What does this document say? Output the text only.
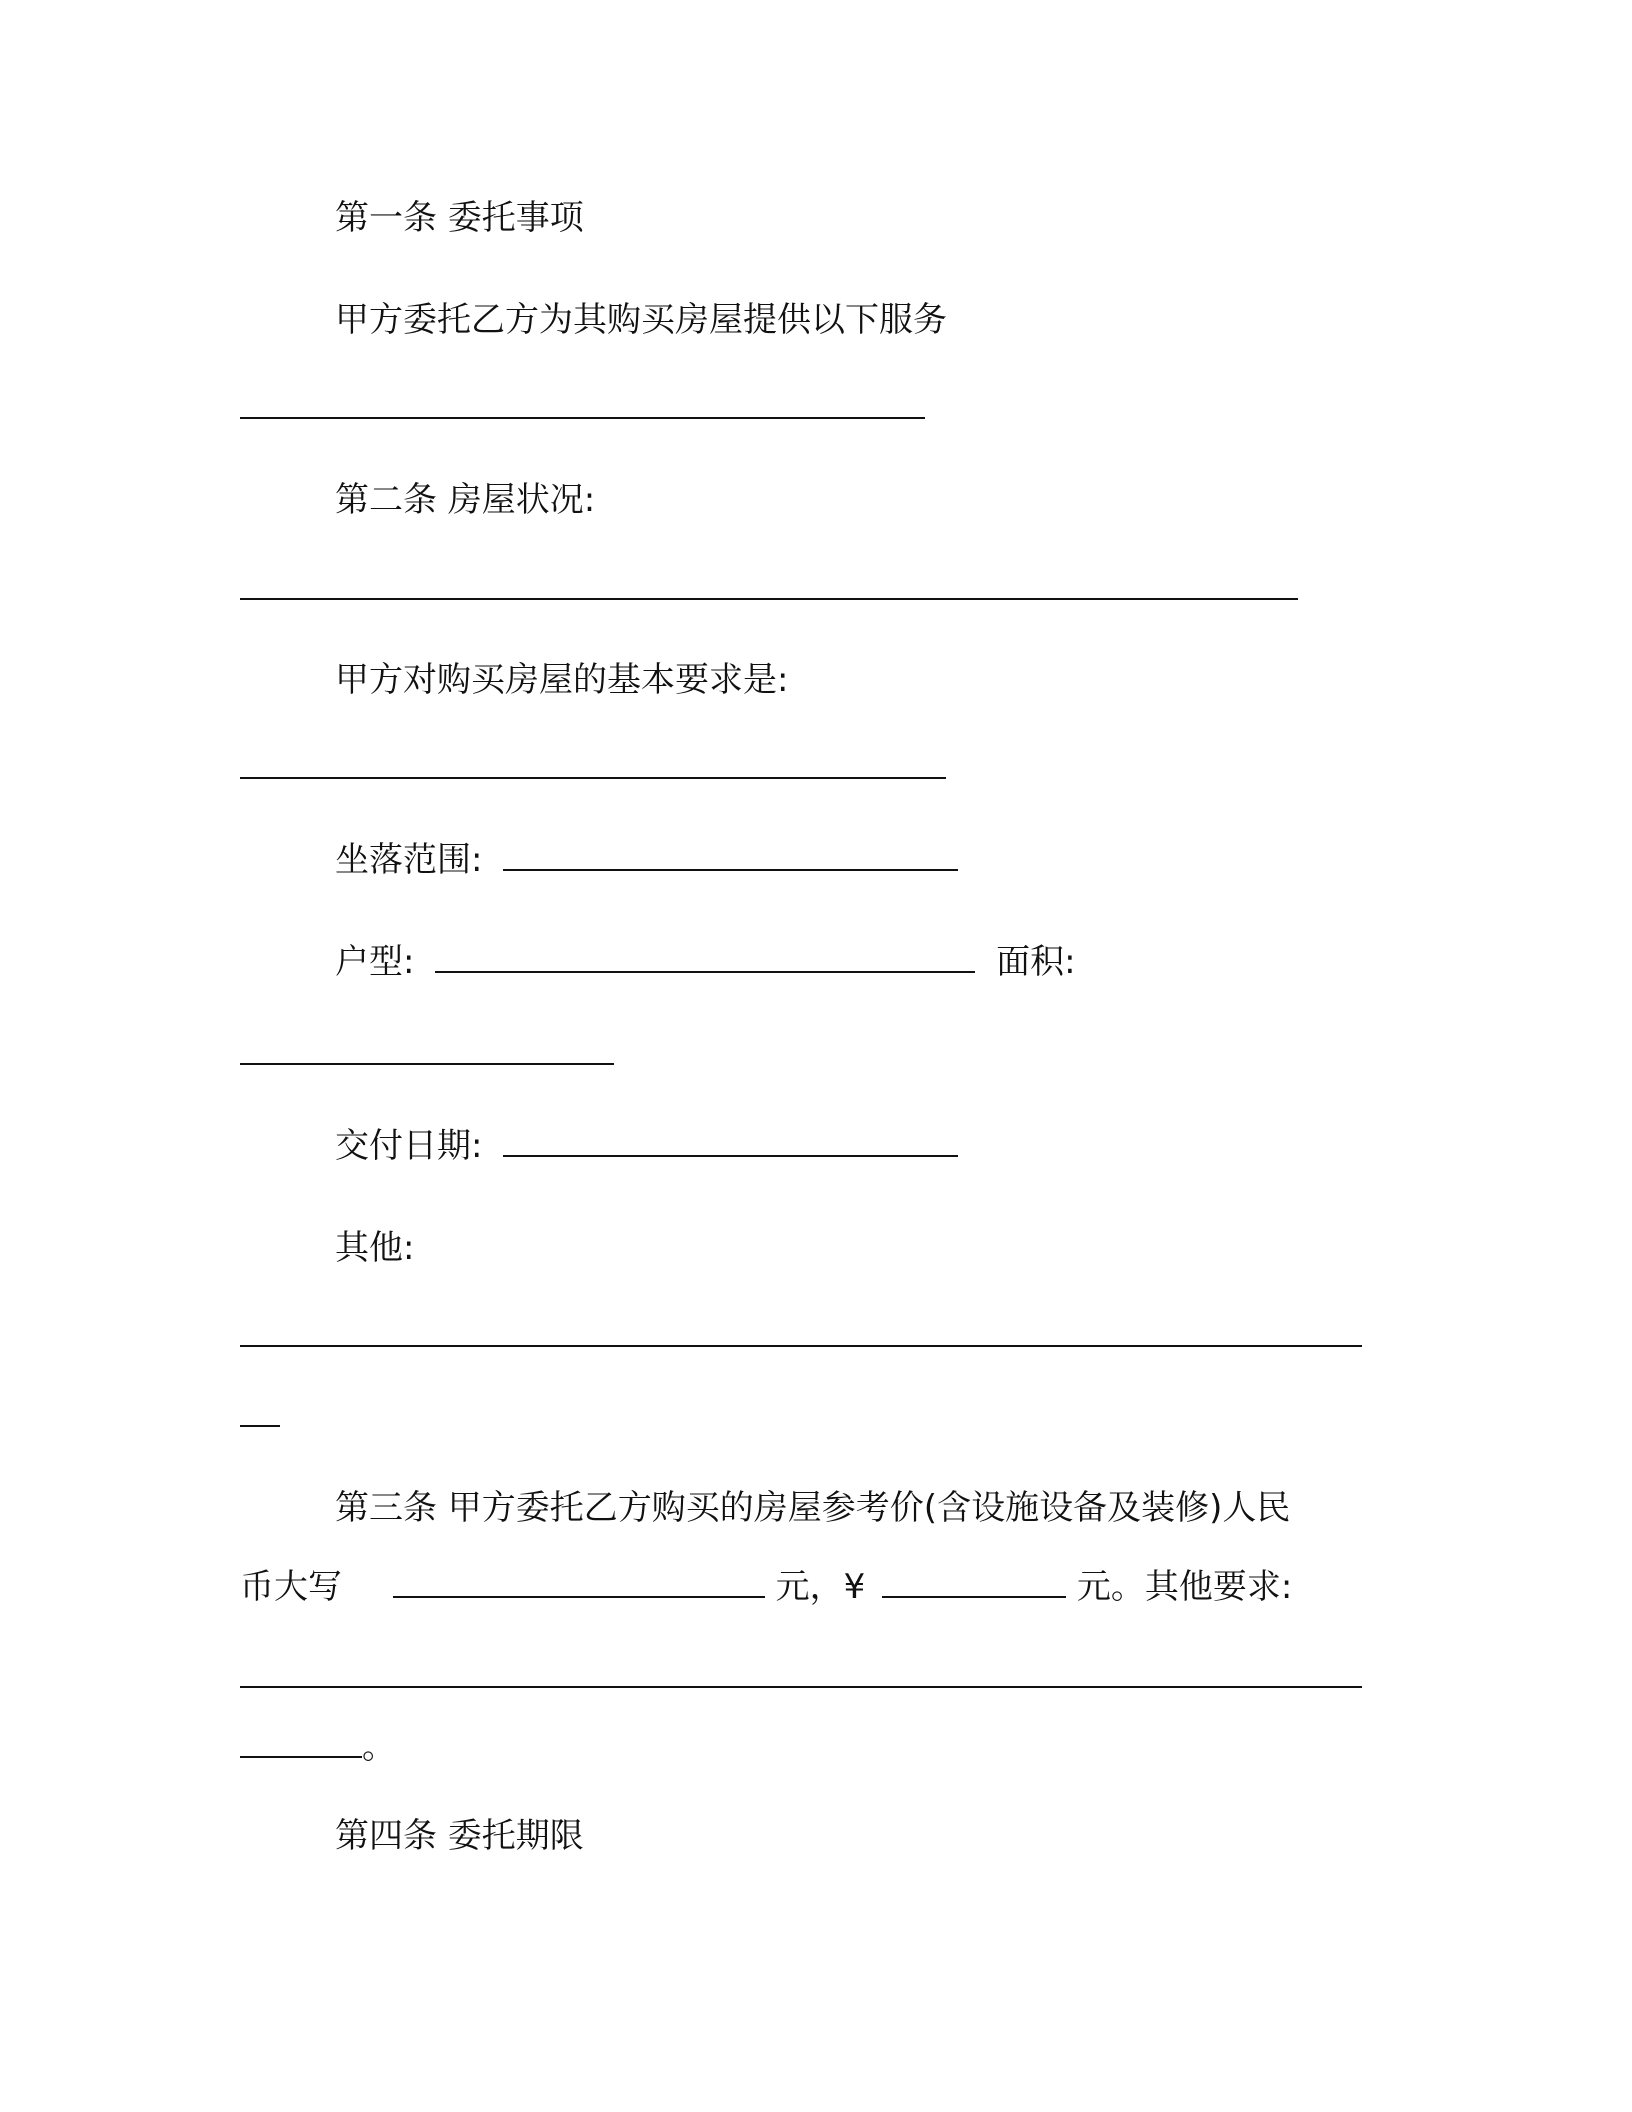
第一条 委托事项
甲方委托乙方为其购买房屋提供以下服务
第二条 房屋状况:
甲方对购买房屋的基本要求是:
坐落范围:
户型:	面积:
交付日期:
其他:
第三条 甲方委托乙方购买的房屋参考价(含设施设备及装修)人民
币大写	元，¥	元。其他要求:
。
第四条 委托期限
